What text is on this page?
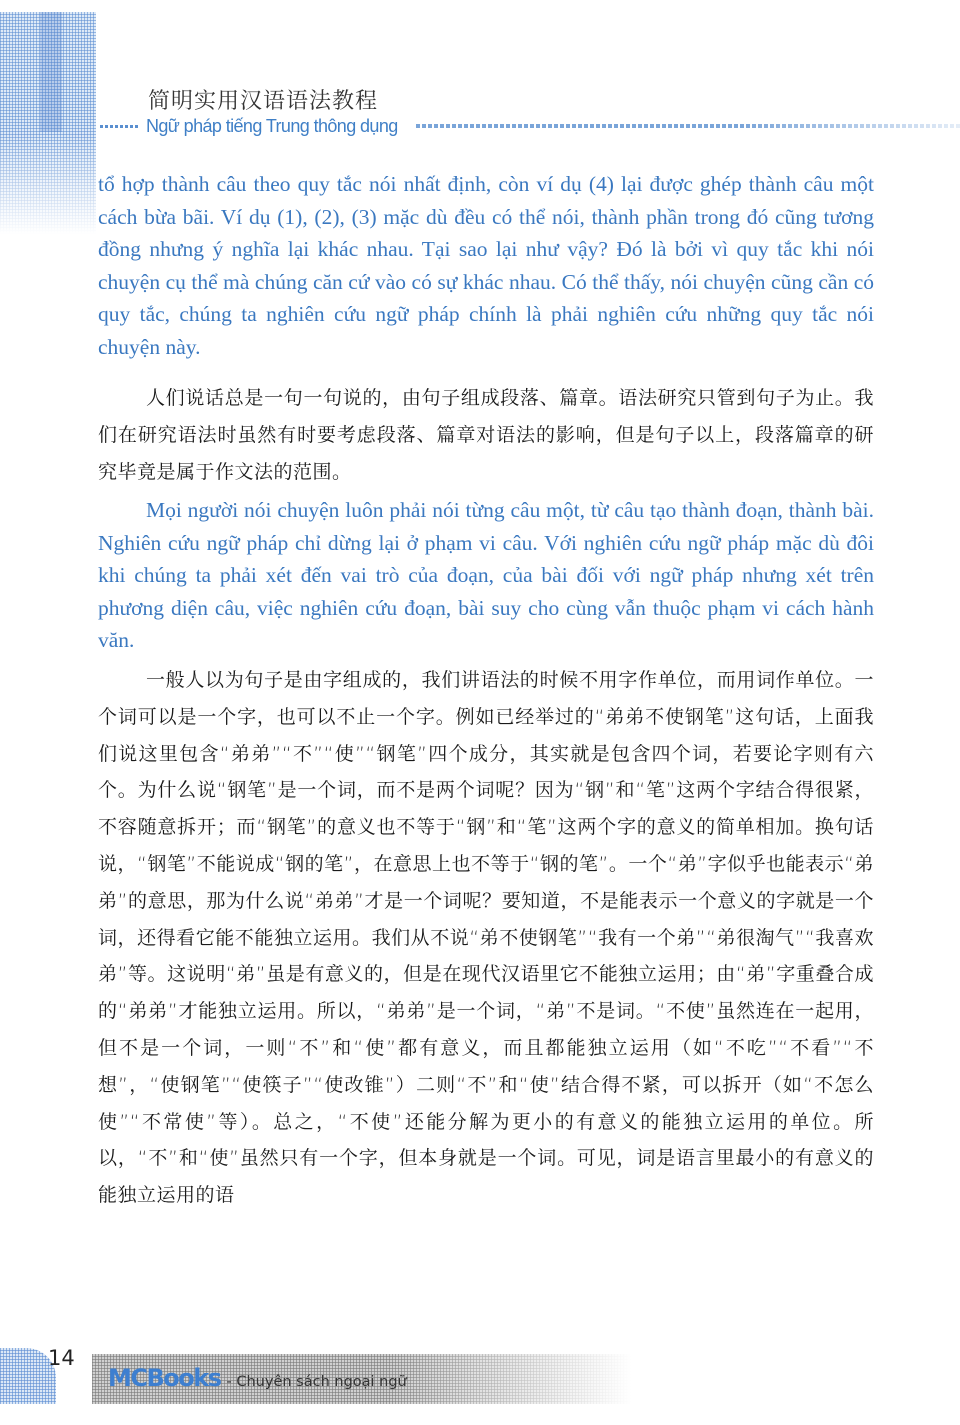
简明实用汉语语法教程
Ngữ pháp tiếng Trung thông dụng

tổ hợp thành câu theo quy tắc nói nhất định, còn ví dụ (4) lại được ghép thành câu một cách bừa bãi. Ví dụ (1), (2), (3) mặc dù đều có thể nói, thành phần trong đó cũng tương đồng nhưng ý nghĩa lại khác nhau. Tại sao lại như vậy? Đó là bởi vì quy tắc khi nói chuyện cụ thể mà chúng căn cứ vào có sự khác nhau. Có thể thấy, nói chuyện cũng cần có quy tắc, chúng ta nghiên cứu ngữ pháp chính là phải nghiên cứu những quy tắc nói chuyện này.

人们说话总是一句一句说的，由句子组成段落、篇章。语法研究只管到句子为止。我们在研究语法时虽然有时要考虑段落、篇章对语法的影响，但是句子以上，段落篇章的研究毕竟是属于作文法的范围。

Mọi người nói chuyện luôn phải nói từng câu một, từ câu tạo thành đoạn, thành bài. Nghiên cứu ngữ pháp chỉ dừng lại ở phạm vi câu. Với nghiên cứu ngữ pháp mặc dù đôi khi chúng ta phải xét đến vai trò của đoạn, của bài đối với ngữ pháp nhưng xét trên phương diện câu, việc nghiên cứu đoạn, bài suy cho cùng vẫn thuộc phạm vi cách hành văn.

一般人以为句子是由字组成的，我们讲语法的时候不用字作单位，而用词作单位。一个词可以是一个字，也可以不止一个字。例如已经举过的“弟弟不使钢笔”这句话，上面我们说这里包含“弟弟”“不”“使”“钢笔”四个成分，其实就是包含四个词，若要论字则有六个。为什么说“钢笔”是一个词，而不是两个词呢？因为“钢”和“笔”这两个字结合得很紧，不容随意拆开；而“钢笔”的意义也不等于“钢”和“笔”这两个字的意义的简单相加。换句话说，“钢笔”不能说成“钢的笔”，在意思上也不等于“钢的笔”。一个“弟”字似乎也能表示“弟弟”的意思，那为什么说“弟弟”才是一个词呢？要知道，不是能表示一个意义的字就是一个词，还得看它能不能独立运用。我们从不说“弟不使钢笔”“我有一个弟”“弟很淘气”“我喜欢弟”等。这说明“弟”虽是有意义的，但是在现代汉语里它不能独立运用；由“弟”字重叠合成的“弟弟”才能独立运用。所以，“弟弟”是一个词，“弟”不是词。“不使”虽然连在一起用，但不是一个词，一则“不”和“使”都有意义，而且都能独立运用（如“不吃”“不看”“不想”，“使钢笔”“使筷子”“使改锥”）二则“不”和“使”结合得不紧，可以拆开（如“不怎么使”“不常使”等）。总之，“不使”还能分解为更小的有意义的能独立运用的单位。所以，“不”和“使”虽然只有一个字，但本身就是一个词。可见，词是语言里最小的有意义的能独立运用的语

14
MCBooks - Chuyên sách ngoại ngữ
